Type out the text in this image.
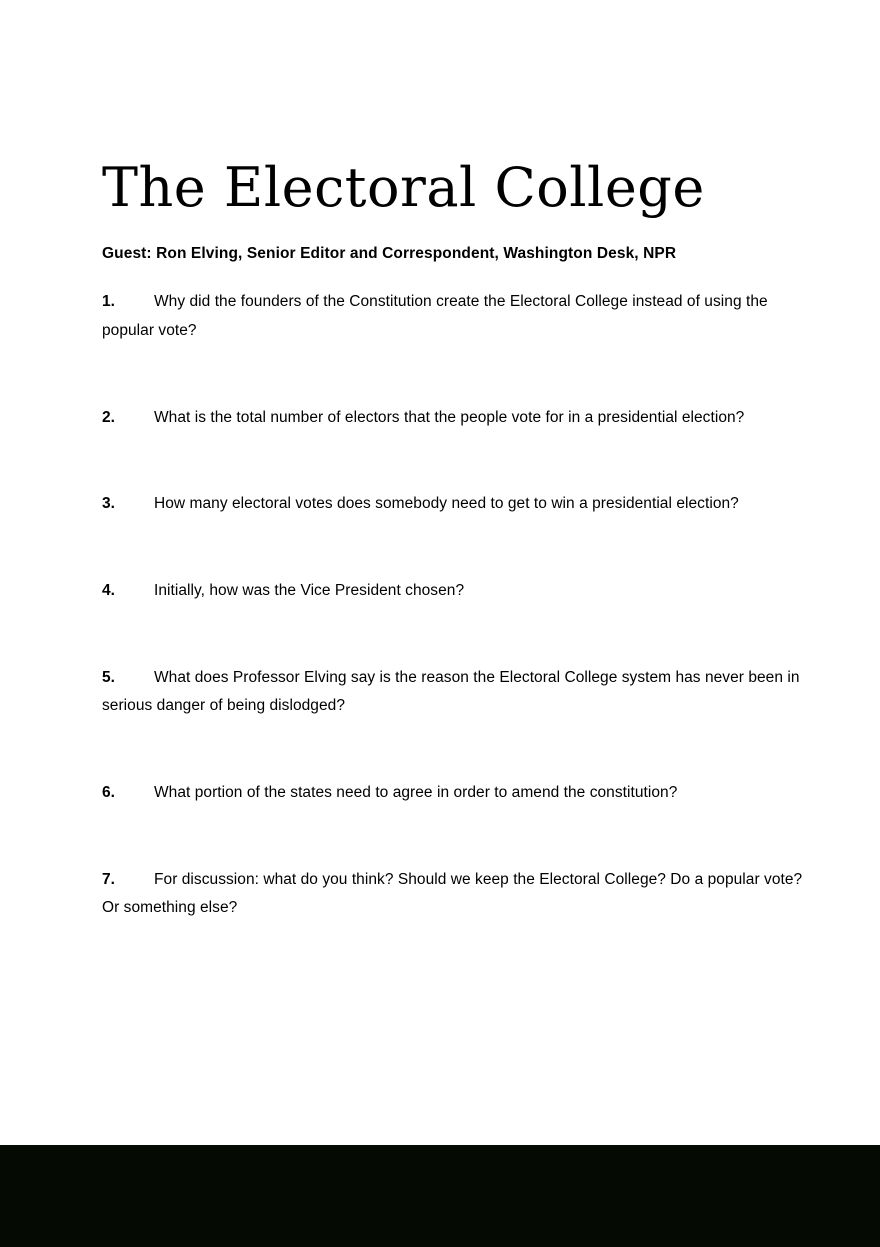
The Electoral College

Guest: Ron Elving, Senior Editor and Correspondent, Washington Desk, NPR

1.	Why did the founders of the Constitution create the Electoral College instead of using the popular vote?

2.	What is the total number of electors that the people vote for in a presidential election?

3.	How many electoral votes does somebody need to get to win a presidential election?

4.	Initially, how was the Vice President chosen?

5.	What does Professor Elving say is the reason the Electoral College system has never been in serious danger of being dislodged?

6.	What portion of the states need to agree in order to amend the constitution?

7.	For discussion: what do you think? Should we keep the Electoral College? Do a popular vote? Or something else?
